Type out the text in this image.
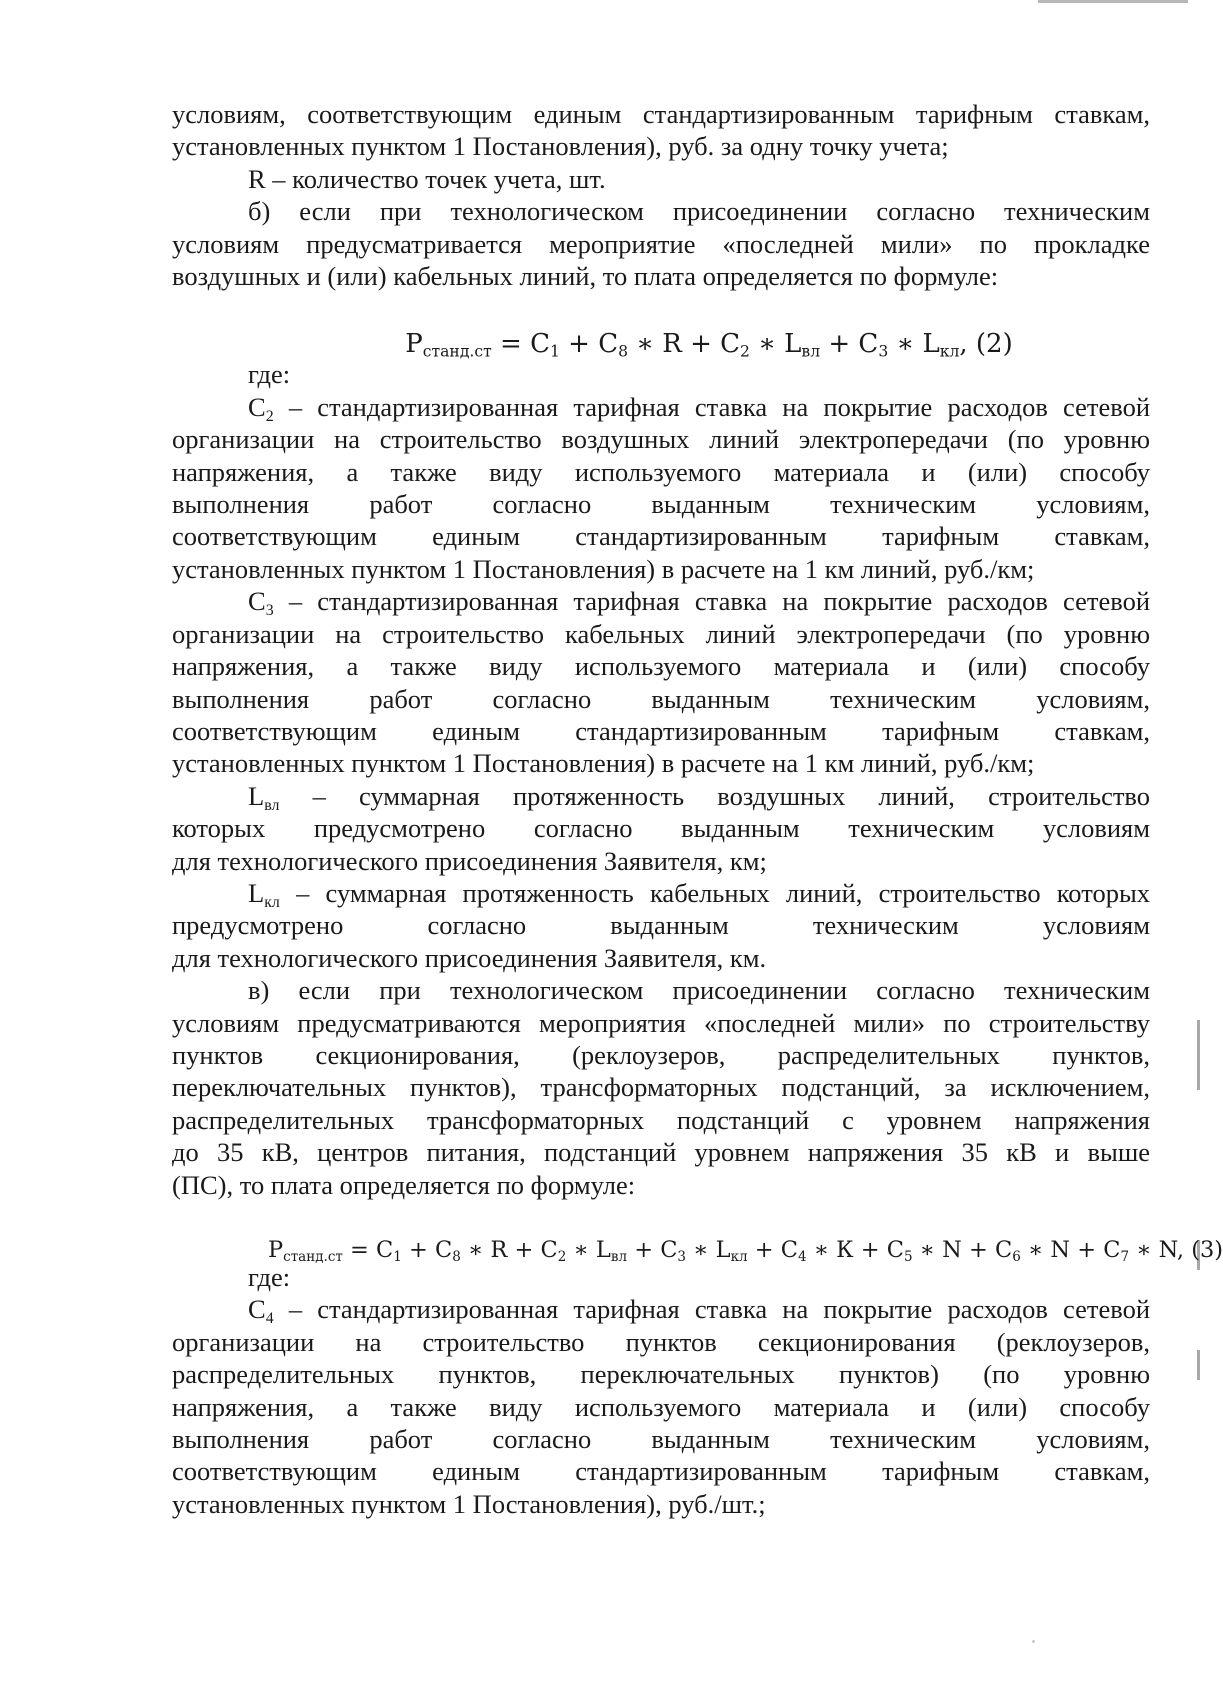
условиям, соответствующим единым стандартизированным тарифным ставкам,

установленных пунктом 1 Постановления), руб. за одну точку учета;

R – количество точек учета, шт.

б) если при технологическом присоединении согласно техническим

условиям предусматривается мероприятие «последней мили» по прокладке

воздушных и (или) кабельных линий, то плата определяется по формуле:

$P_{станд.ст} = C_1 + C_8$ ∗ $R + C_2$ ∗ $L_{вл} + C_3$ ∗ $L_{кл}$, (2)

где:

$C_2$ – стандартизированная тарифная ставка на покрытие расходов сетевой

организации на строительство воздушных линий электропередачи (по уровню

напряжения, а также виду используемого материала и (или) способу

выполнения работ согласно выданным техническим условиям,

соответствующим единым стандартизированным тарифным ставкам,

установленных пунктом 1 Постановления) в расчете на 1 км линий, руб./км;

$C_3$ – стандартизированная тарифная ставка на покрытие расходов сетевой

организации на строительство кабельных линий электропередачи (по уровню

напряжения, а также виду используемого материала и (или) способу

выполнения работ согласно выданным техническим условиям,

соответствующим единым стандартизированным тарифным ставкам,

установленных пунктом 1 Постановления) в расчете на 1 км линий, руб./км;

$L_{вл}$ – суммарная протяженность воздушных линий, строительство

которых предусмотрено согласно выданным техническим условиям

для технологического присоединения Заявителя, км;

$L_{кл}$ – суммарная протяженность кабельных линий, строительство которых

предусмотрено согласно выданным техническим условиям

для технологического присоединения Заявителя, км.

в) если при технологическом присоединении согласно техническим

условиям предусматриваются мероприятия «последней мили» по строительству

пунктов секционирования, (реклоузеров, распределительных пунктов,

переключательных пунктов), трансформаторных подстанций, за исключением,

распределительных трансформаторных подстанций с уровнем напряжения

до 35 кВ, центров питания, подстанций уровнем напряжения 35 кВ и выше

(ПС), то плата определяется по формуле:

$P_{станд.ст} = C_1 + C_8$ ∗ $R + C_2$ ∗ $L_{вл} + C_3$ ∗ $L_{кл} + C_4$ ∗ $К + C_5$ ∗ $N + C_6$ ∗ $N + C_7$ ∗ N, (3)

где:

$C_4$ – стандартизированная тарифная ставка на покрытие расходов сетевой

организации на строительство пунктов секционирования (реклоузеров,

распределительных пунктов, переключательных пунктов) (по уровню

напряжения, а также виду используемого материала и (или) способу

выполнения работ согласно выданным техническим условиям,

соответствующим единым стандартизированным тарифным ставкам,

установленных пунктом 1 Постановления), руб./шт.;
